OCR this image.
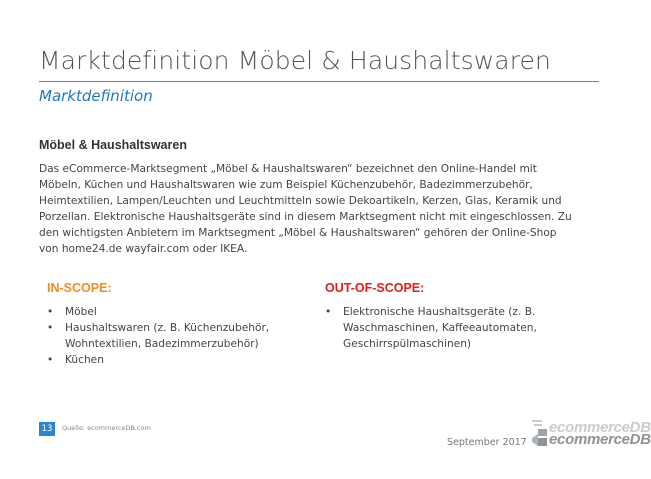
Marktdefinition Möbel & Haushaltswaren
Marktdefinition
Möbel & Haushaltswaren

Das eCommerce-Marktsegment „Möbel & Haushaltswaren“ bezeichnet den Online-Handel mit
Möbeln, Küchen und Haushaltswaren wie zum Beispiel Küchenzubehör, Badezimmerzubehör,
Heimtextilien, Lampen/Leuchten und Leuchtmitteln sowie Dekoartikeln, Kerzen, Glas, Keramik und
Porzellan. Elektronische Haushaltsgeräte sind in diesem Marktsegment nicht mit eingeschlossen. Zu
den wichtigsten Anbietern im Marktsegment „Möbel & Haushaltswaren“ gehören der Online-Shop
von home24.de wayfair.com oder IKEA.

IN-SCOPE:
• Möbel
• Haushaltswaren (z. B. Küchenzubehör,
Wohntextilien, Badezimmerzubehör)
• Küchen
OUT-OF-SCOPE:
• Elektronische Haushaltsgeräte (z. B.
Waschmaschinen, Kaffeeautomaten,
Geschirrspülmaschinen)
13	Quelle: ecommerceDB.com
September 2017
ecommerceDB
ecommerceDB
